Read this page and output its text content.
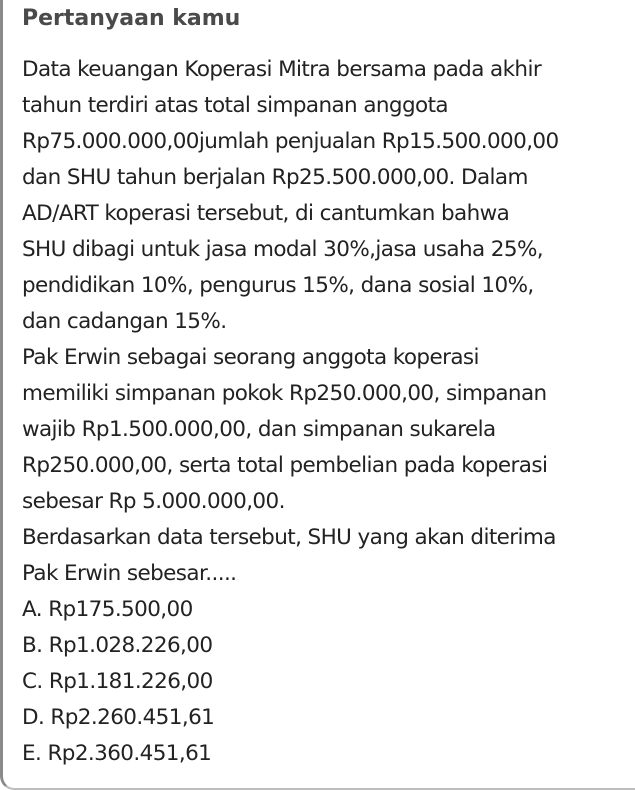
Pertanyaan kamu
Data keuangan Koperasi Mitra bersama pada akhir
tahun terdiri atas total simpanan anggota
Rp75.000.000,00jumlah penjualan Rp15.500.000,00
dan SHU tahun berjalan Rp25.500.000,00. Dalam
AD/ART koperasi tersebut, di cantumkan bahwa
SHU dibagi untuk jasa modal 30%,jasa usaha 25%,
pendidikan 10%, pengurus 15%, dana sosial 10%,
dan cadangan 15%.
Pak Erwin sebagai seorang anggota koperasi
memiliki simpanan pokok Rp250.000,00, simpanan
wajib Rp1.500.000,00, dan simpanan sukarela
Rp250.000,00, serta total pembelian pada koperasi
sebesar Rp 5.000.000,00.
Berdasarkan data tersebut, SHU yang akan diterima
Pak Erwin sebesar.....
A. Rp175.500,00
B. Rp1.028.226,00
C. Rp1.181.226,00
D. Rp2.260.451,61
E. Rp2.360.451,61
